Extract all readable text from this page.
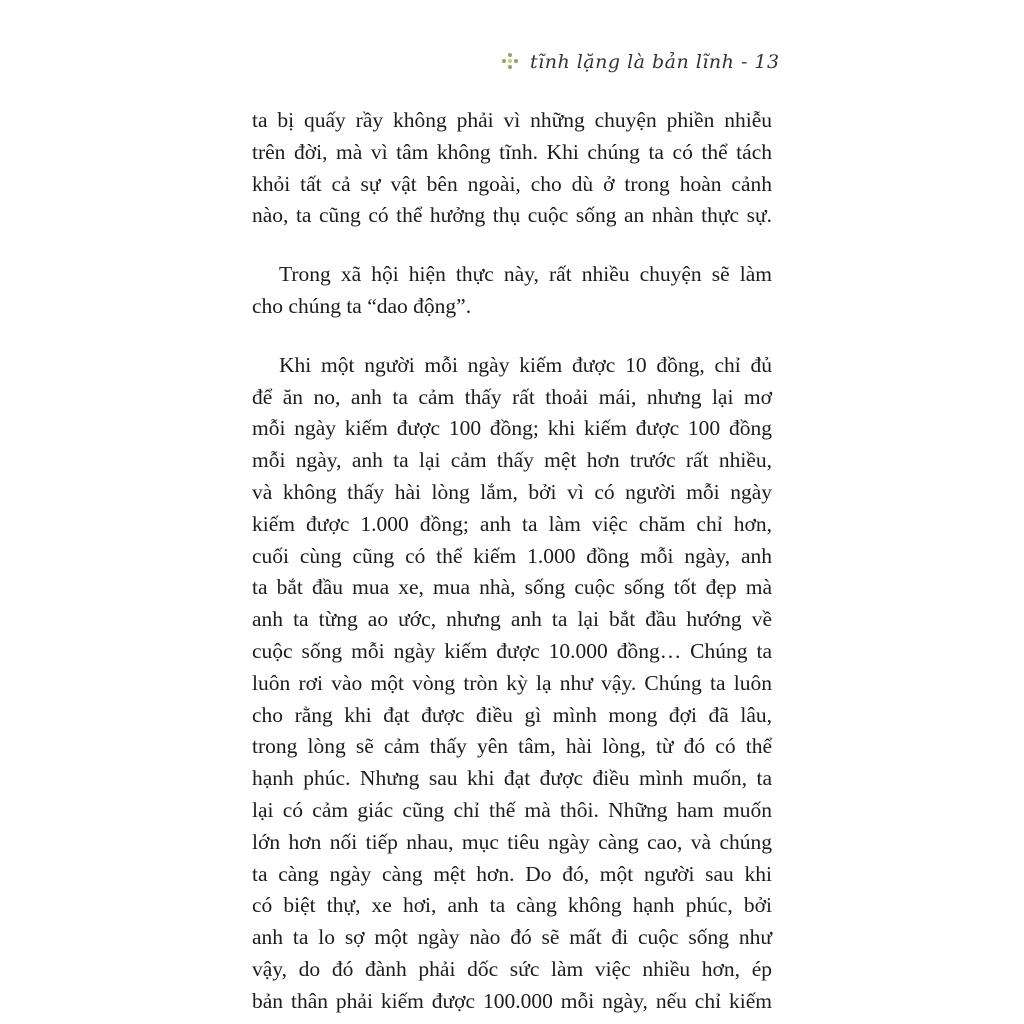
tĩnh lặng là bản lĩnh - 13
ta bị quấy rầy không phải vì những chuyện phiền nhiễu
trên đời, mà vì tâm không tĩnh. Khi chúng ta có thể tách
khỏi tất cả sự vật bên ngoài, cho dù ở trong hoàn cảnh
nào, ta cũng có thể hưởng thụ cuộc sống an nhàn thực sự.
Trong xã hội hiện thực này, rất nhiều chuyện sẽ làm
cho chúng ta “dao động”.
Khi một người mỗi ngày kiếm được 10 đồng, chỉ đủ
để ăn no, anh ta cảm thấy rất thoải mái, nhưng lại mơ
mỗi ngày kiếm được 100 đồng; khi kiếm được 100 đồng
mỗi ngày, anh ta lại cảm thấy mệt hơn trước rất nhiều,
và không thấy hài lòng lắm, bởi vì có người mỗi ngày
kiếm được 1.000 đồng; anh ta làm việc chăm chỉ hơn,
cuối cùng cũng có thể kiếm 1.000 đồng mỗi ngày, anh
ta bắt đầu mua xe, mua nhà, sống cuộc sống tốt đẹp mà
anh ta từng ao ước, nhưng anh ta lại bắt đầu hướng về
cuộc sống mỗi ngày kiếm được 10.000 đồng… Chúng ta
luôn rơi vào một vòng tròn kỳ lạ như vậy. Chúng ta luôn
cho rằng khi đạt được điều gì mình mong đợi đã lâu,
trong lòng sẽ cảm thấy yên tâm, hài lòng, từ đó có thể
hạnh phúc. Nhưng sau khi đạt được điều mình muốn, ta
lại có cảm giác cũng chỉ thế mà thôi. Những ham muốn
lớn hơn nối tiếp nhau, mục tiêu ngày càng cao, và chúng
ta càng ngày càng mệt hơn. Do đó, một người sau khi
có biệt thự, xe hơi, anh ta càng không hạnh phúc, bởi
anh ta lo sợ một ngày nào đó sẽ mất đi cuộc sống như
vậy, do đó đành phải dốc sức làm việc nhiều hơn, ép
bản thân phải kiếm được 100.000 mỗi ngày, nếu chỉ kiếm
